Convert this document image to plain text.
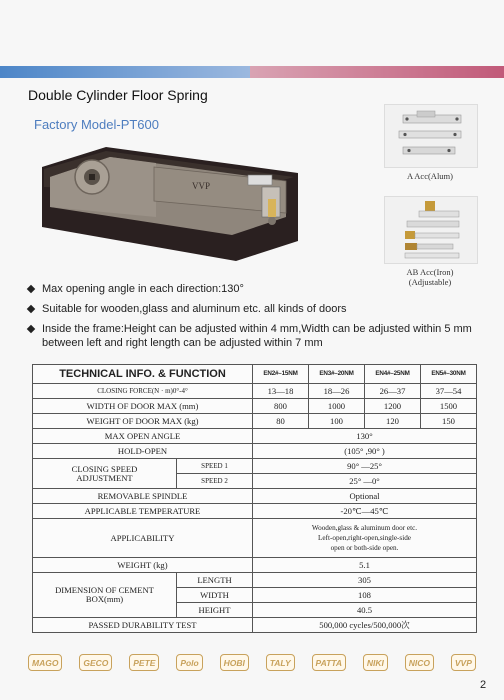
Double Cylinder Floor Spring
Factory Model-PT600
VVP
A Acc(Alum)
AB Acc(Iron)
(Adjustable)
Max opening angle in each direction:130°
Suitable for wooden,glass and aluminum etc. all kinds of doors
Inside the frame:Height can be adjusted within 4 mm,Width can be adjusted within 5 mm between left and right length can be adjusted within 7 mm
TECHNICAL INFO. & FUNCTION		EN2#–15NM	EN3#–20NM	EN4#–25NM	EN5#–30NM
CLOSING FORCE(N · m)0°-4°		13—18	18—26	26—37	37—54
WIDTH OF DOOR MAX (mm)		800	1000	1200	1500
WEIGHT OF DOOR MAX (kg)		80	100	120	150
MAX OPEN ANGLE		130°			
HOLD-OPEN		(105° ,90° )			

CLOSING SPEED
ADJUSTMENT	SPEED 1	90° —25°			
	SPEED 2	25° —0°			
REMOVABLE SPINDLE		Optional			
APPLICABLE TEMPERATURE		-20℃—45℃			
APPLICABILITY		Wooden,glass & aluminum door etc.
Left-open,right-open,single-side
open or both-side open.			

WEIGHT (kg)		5.1			

DIMENSION OF CEMENT
BOX(mm)	LENGTH	305			
	WIDTH	108			
	HEIGHT	40.5			
PASSED DURABILITY TEST		500,000 cycles/500,000次			
MAGO	GECO	PETE	Polo	HOBI	TALY	PATTA	NIKI	NICO	VVP
2
